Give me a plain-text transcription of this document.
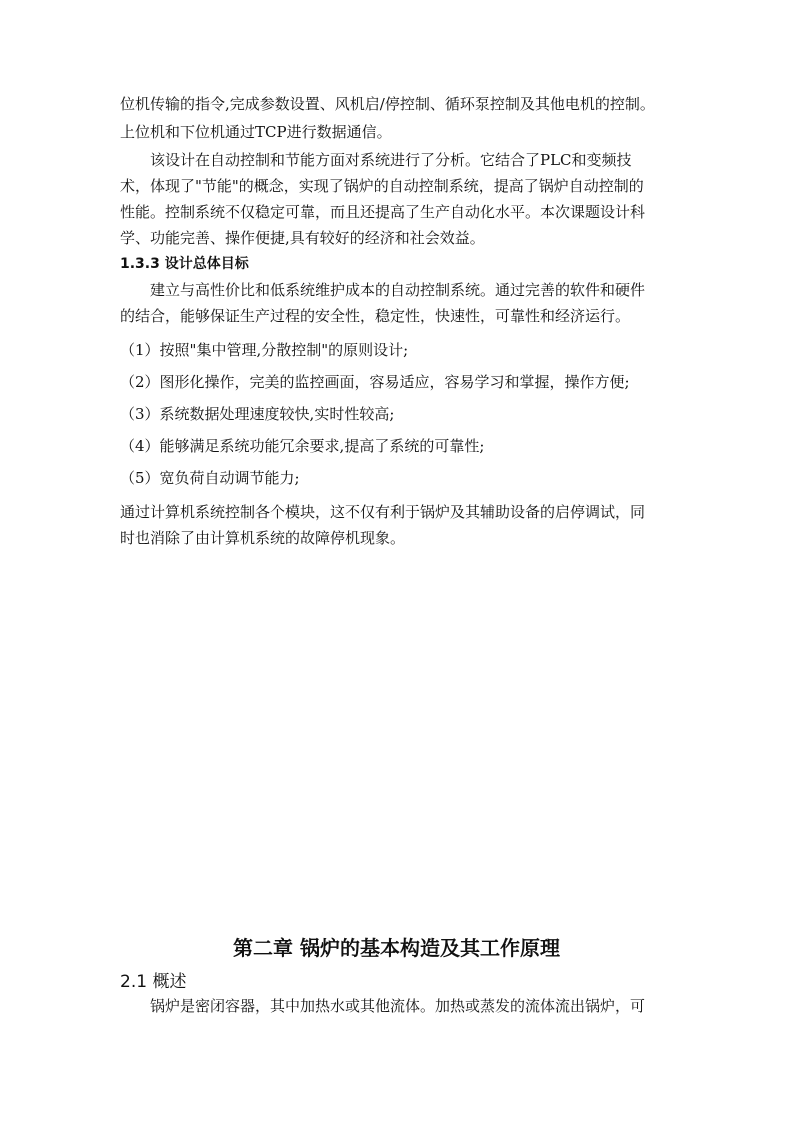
位机传输的指令,完成参数设置、风机启/停控制、循环泵控制及其他电机的控制。
上位机和下位机通过TCP进行数据通信。
该设计在自动控制和节能方面对系统进行了分析。它结合了PLC和变频技
术，体现了"节能"的概念，实现了锅炉的自动控制系统，提高了锅炉自动控制的
性能。控制系统不仅稳定可靠，而且还提高了生产自动化水平。本次课题设计科
学、功能完善、操作便捷,具有较好的经济和社会效益。
1.3.3 设计总体目标
建立与高性价比和低系统维护成本的自动控制系统。通过完善的软件和硬件
的结合，能够保证生产过程的安全性，稳定性，快速性，可靠性和经济运行。
（1）按照"集中管理,分散控制"的原则设计;
（2）图形化操作，完美的监控画面，容易适应，容易学习和掌握，操作方便;
（3）系统数据处理速度较快,实时性较高;
（4）能够满足系统功能冗余要求,提高了系统的可靠性;
（5）宽负荷自动调节能力;
通过计算机系统控制各个模块，这不仅有利于锅炉及其辅助设备的启停调试，同
时也消除了由计算机系统的故障停机现象。
第二章 锅炉的基本构造及其工作原理
2.1 概述
锅炉是密闭容器，其中加热水或其他流体。加热或蒸发的流体流出锅炉，可
